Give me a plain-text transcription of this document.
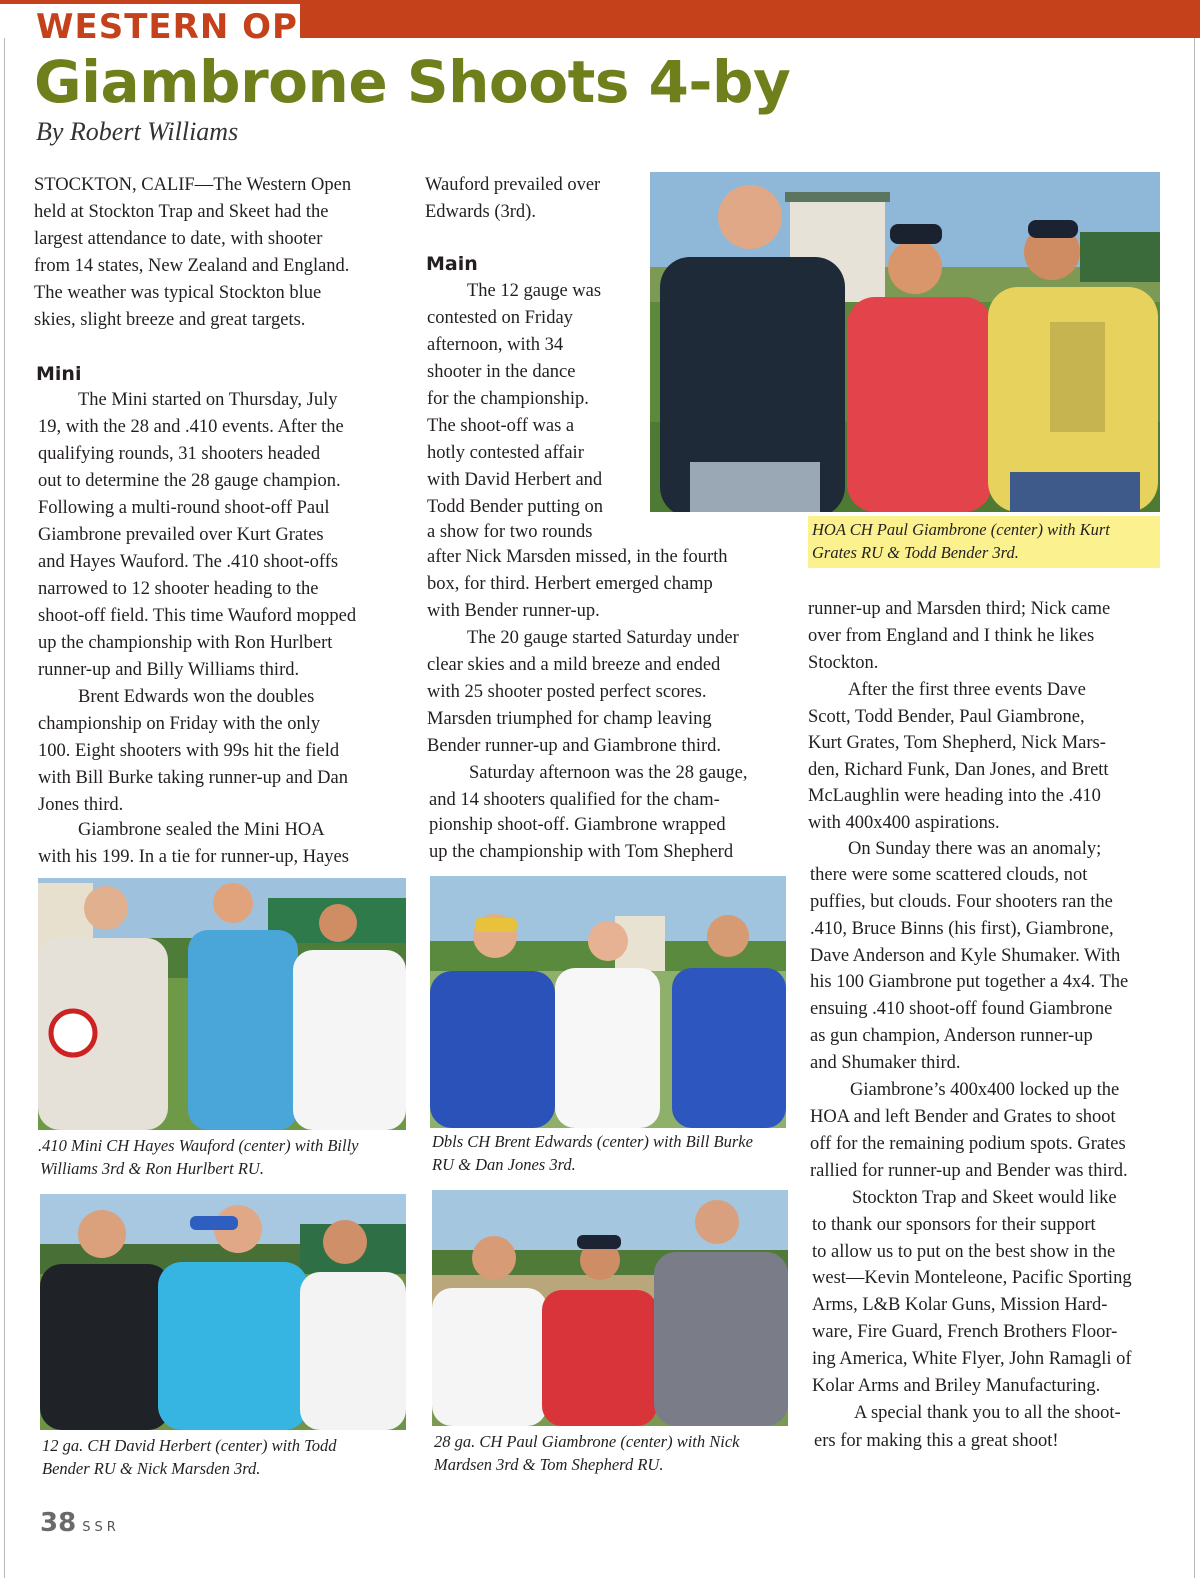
WESTERN OPEN
Giambrone Shoots 4-by
By Robert Williams
STOCKTON, CALIF—The Western Open
held at Stockton Trap and Skeet had the
largest attendance to date, with shooter
from 14 states, New Zealand and England.
The weather was typical Stockton blue
skies, slight breeze and great targets.
Mini
The Mini started on Thursday, July
19, with the 28 and .410 events. After the
qualifying rounds, 31 shooters headed
out to determine the 28 gauge champion.
Following a multi-round shoot-off Paul
Giambrone prevailed over Kurt Grates
and Hayes Wauford. The .410 shoot-offs
narrowed to 12 shooter heading to the
shoot-off field. This time Wauford mopped
up the championship with Ron Hurlbert
runner-up and Billy Williams third.
Brent Edwards won the doubles
championship on Friday with the only
100. Eight shooters with 99s hit the field
with Bill Burke taking runner-up and Dan
Jones third.
Giambrone sealed the Mini HOA
with his 199. In a tie for runner-up, Hayes
Wauford prevailed over
Edwards (3rd).
Main
The 12 gauge was
contested on Friday
afternoon, with 34
shooter in the dance
for the championship.
The shoot-off was a
hotly contested affair
with David Herbert and
Todd Bender putting on
a show for two rounds
after Nick Marsden missed, in the fourth
box, for third. Herbert emerged champ
with Bender runner-up.
The 20 gauge started Saturday under
clear skies and a mild breeze and ended
with 25 shooter posted perfect scores.
Marsden triumphed for champ leaving
Bender runner-up and Giambrone third.
Saturday afternoon was the 28 gauge,
and 14 shooters qualified for the cham-
pionship shoot-off. Giambrone wrapped
up the championship with Tom Shepherd
runner-up and Marsden third; Nick came
over from England and I think he likes
Stockton.
After the first three events Dave
Scott, Todd Bender, Paul Giambrone,
Kurt Grates, Tom Shepherd, Nick Mars-
den, Richard Funk, Dan Jones, and Brett
McLaughlin were heading into the .410
with 400x400 aspirations.
On Sunday there was an anomaly;
there were some scattered clouds, not
puffies, but clouds. Four shooters ran the
.410, Bruce Binns (his first), Giambrone,
Dave Anderson and Kyle Shumaker. With
his 100 Giambrone put together a 4x4. The
ensuing .410 shoot-off found Giambrone
as gun champion, Anderson runner-up
and Shumaker third.
Giambrone’s 400x400 locked up the
HOA and left Bender and Grates to shoot
off for the remaining podium spots. Grates
rallied for runner-up and Bender was third.
Stockton Trap and Skeet would like
to thank our sponsors for their support
to allow us to put on the best show in the
west—Kevin Monteleone, Pacific Sporting
Arms, L&B Kolar Guns, Mission Hard-
ware, Fire Guard, French Brothers Floor-
ing America, White Flyer, John Ramagli of
Kolar Arms and Briley Manufacturing.
A special thank you to all the shoot-
ers for making this a great shoot!
HOA CH Paul Giambrone (center) with Kurt
Grates RU & Todd Bender 3rd.
.410 Mini CH Hayes Wauford (center) with Billy
Williams 3rd & Ron Hurlbert RU.
Dbls CH Brent Edwards (center) with Bill Burke
RU & Dan Jones 3rd.
12 ga. CH David Herbert (center) with Todd
Bender RU & Nick Marsden 3rd.
28 ga. CH Paul Giambrone (center) with Nick
Mardsen 3rd & Tom Shepherd RU.
38 SSR
